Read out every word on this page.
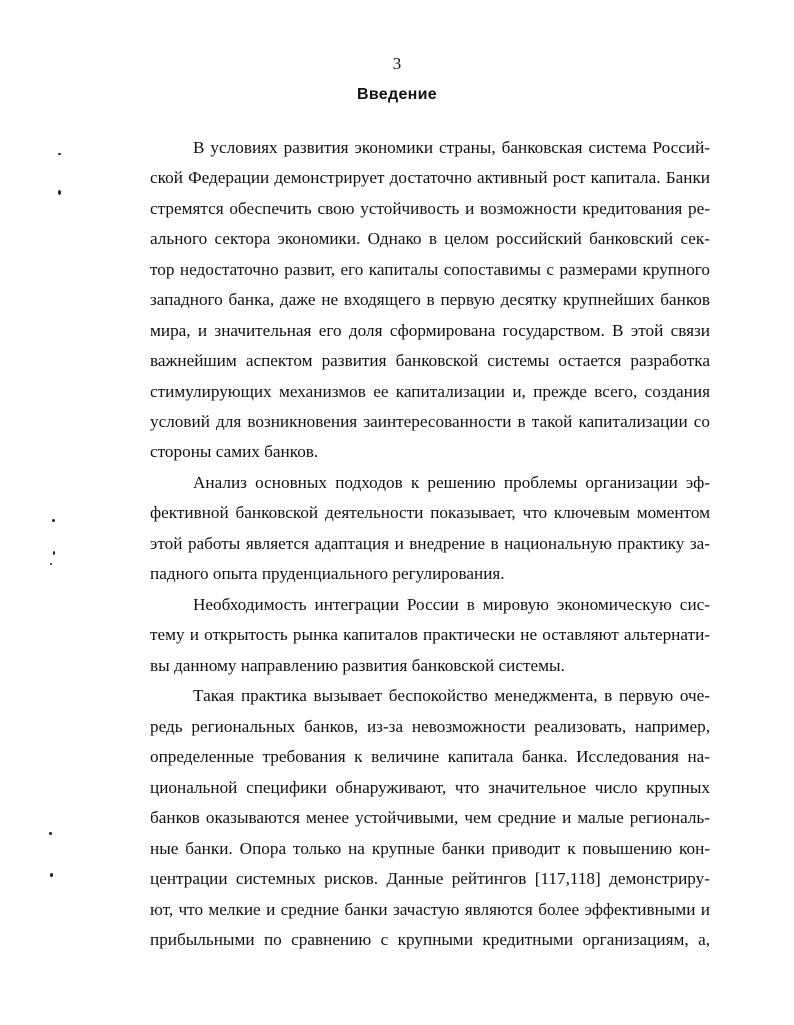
3
Введение
В условиях развития экономики страны, банковская система Россий-
ской Федерации демонстрирует достаточно активный рост капитала. Банки
стремятся обеспечить свою устойчивость и возможности кредитования ре-
ального сектора экономики. Однако в целом российский банковский сек-
тор недостаточно развит, его капиталы сопоставимы с размерами крупного
западного банка, даже не входящего в первую десятку крупнейших банков
мира, и значительная его доля сформирована государством. В этой связи
важнейшим аспектом развития банковской системы остается разработка
стимулирующих механизмов ее капитализации и, прежде всего, создания
условий для возникновения заинтересованности в такой капитализации со
стороны самих банков.
Анализ основных подходов к решению проблемы организации эф-
фективной банковской деятельности показывает, что ключевым моментом
этой работы является адаптация и внедрение в национальную практику за-
падного опыта пруденциального регулирования.
Необходимость интеграции России в мировую экономическую сис-
тему и открытость рынка капиталов практически не оставляют альтернати-
вы данному направлению развития банковской системы.
Такая практика вызывает беспокойство менеджмента, в первую оче-
редь региональных банков, из-за невозможности реализовать, например,
определенные требования к величине капитала банка. Исследования на-
циональной специфики обнаруживают, что значительное число крупных
банков оказываются менее устойчивыми, чем средние и малые региональ-
ные банки. Опора только на крупные банки приводит к повышению кон-
центрации системных рисков. Данные рейтингов [117,118] демонстриру-
ют, что мелкие и средние банки зачастую являются более эффективными и
прибыльными по сравнению с крупными кредитными организациям, а,
